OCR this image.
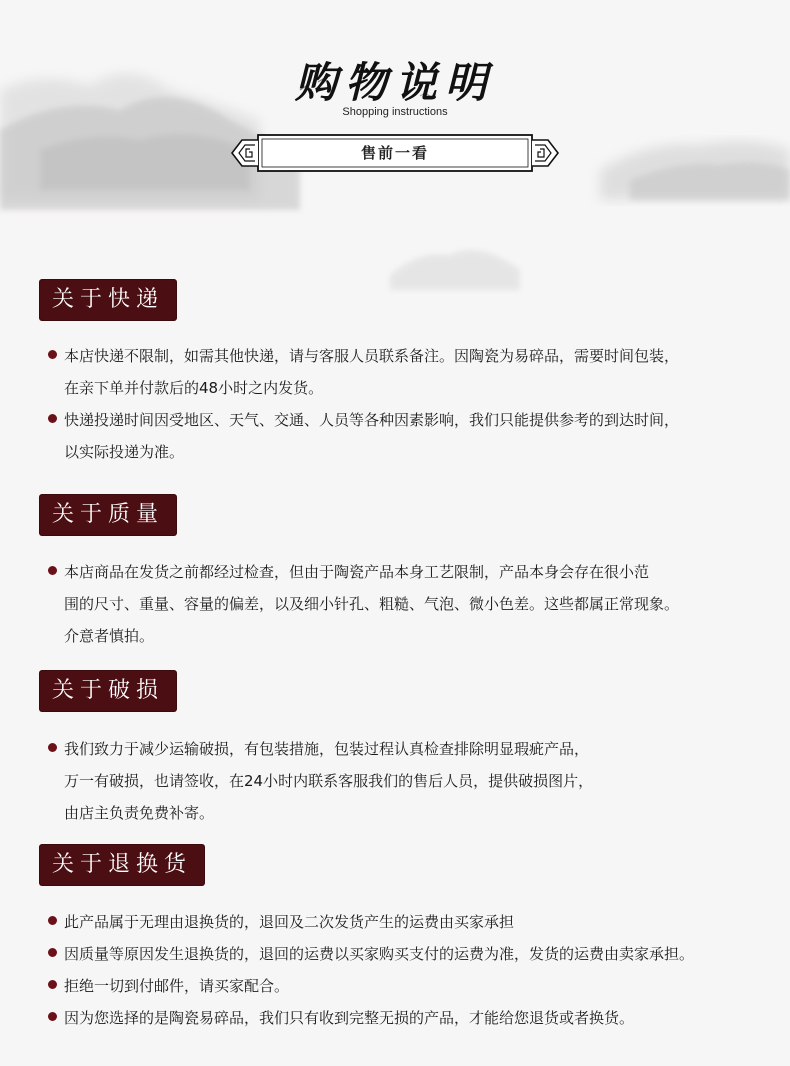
购物说明
Shopping instructions
售前一看
关于快递
本店快递不限制，如需其他快递，请与客服人员联系备注。因陶瓷为易碎品，需要时间包装，
在亲下单并付款后的48小时之内发货。
快递投递时间因受地区、天气、交通、人员等各种因素影响，我们只能提供参考的到达时间，
以实际投递为准。
关于质量
本店商品在发货之前都经过检查，但由于陶瓷产品本身工艺限制，产品本身会存在很小范
围的尺寸、重量、容量的偏差，以及细小针孔、粗糙、气泡、微小色差。这些都属正常现象。
介意者慎拍。
关于破损
我们致力于减少运输破损，有包装措施，包装过程认真检查排除明显瑕疵产品，
万一有破损，也请签收，在24小时内联系客服我们的售后人员，提供破损图片，
由店主负责免费补寄。
关于退换货
此产品属于无理由退换货的，退回及二次发货产生的运费由买家承担
因质量等原因发生退换货的，退回的运费以买家购买支付的运费为准，发货的运费由卖家承担。
拒绝一切到付邮件，请买家配合。
因为您选择的是陶瓷易碎品，我们只有收到完整无损的产品，才能给您退货或者换货。
